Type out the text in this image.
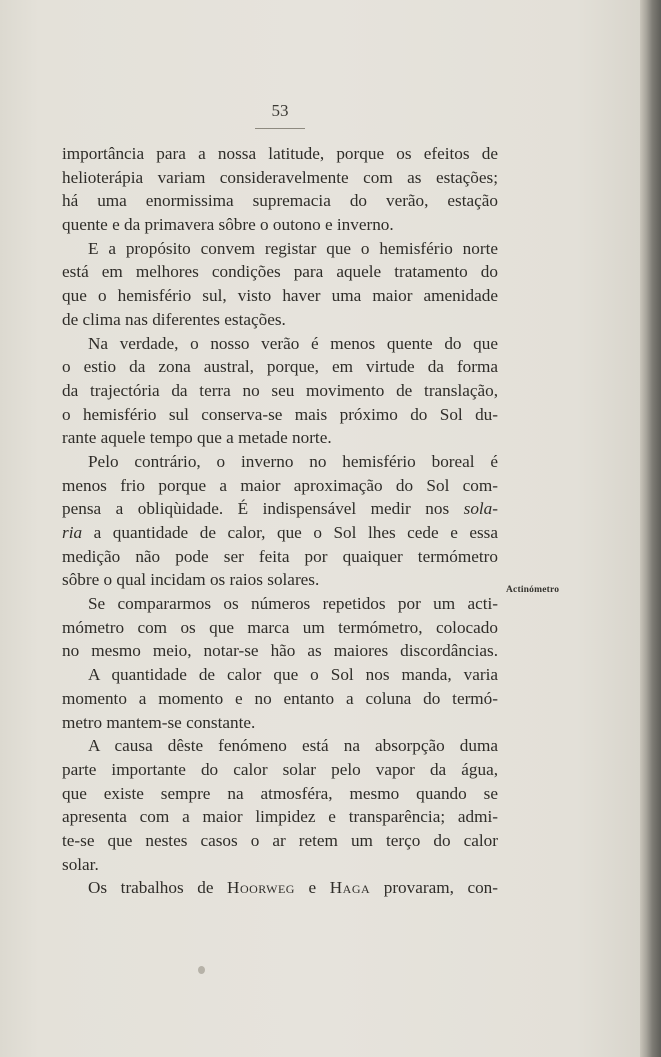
53
importância para a nossa latitude, porque os efeitos de
helioterápia variam consideravelmente com as estações;
há uma enormissima supremacia do verão, estação
quente e da primavera sôbre o outono e inverno.
E a propósito convem registar que o hemisfério norte
está em melhores condições para aquele tratamento do
que o hemisfério sul, visto haver uma maior amenidade
de clima nas diferentes estações.
Na verdade, o nosso verão é menos quente do que
o estio da zona austral, porque, em virtude da forma
da trajectória da terra no seu movimento de translação,
o hemisfério sul conserva-se mais próximo do Sol du-
rante aquele tempo que a metade norte.
Pelo contrário, o inverno no hemisfério boreal é
menos frio porque a maior aproximação do Sol com-
pensa a obliqùidade. É indispensável medir nos sola-
ria a quantidade de calor, que o Sol lhes cede e essa
medição não pode ser feita por quaiquer termómetro
sôbre o qual incidam os raios solares.
Se compararmos os números repetidos por um acti-
mómetro com os que marca um termómetro, colocado
no mesmo meio, notar-se hão as maiores discordâncias.
A quantidade de calor que o Sol nos manda, varia
momento a momento e no entanto a coluna do termó-
metro mantem-se constante.
A causa dêste fenómeno está na absorpção duma
parte importante do calor solar pelo vapor da água,
que existe sempre na atmosféra, mesmo quando se
apresenta com a maior limpidez e transparência; admi-
te-se que nestes casos o ar retem um terço do calor
solar.
Os trabalhos de Hoorweg e Haga provaram, con-
Actinómetro
